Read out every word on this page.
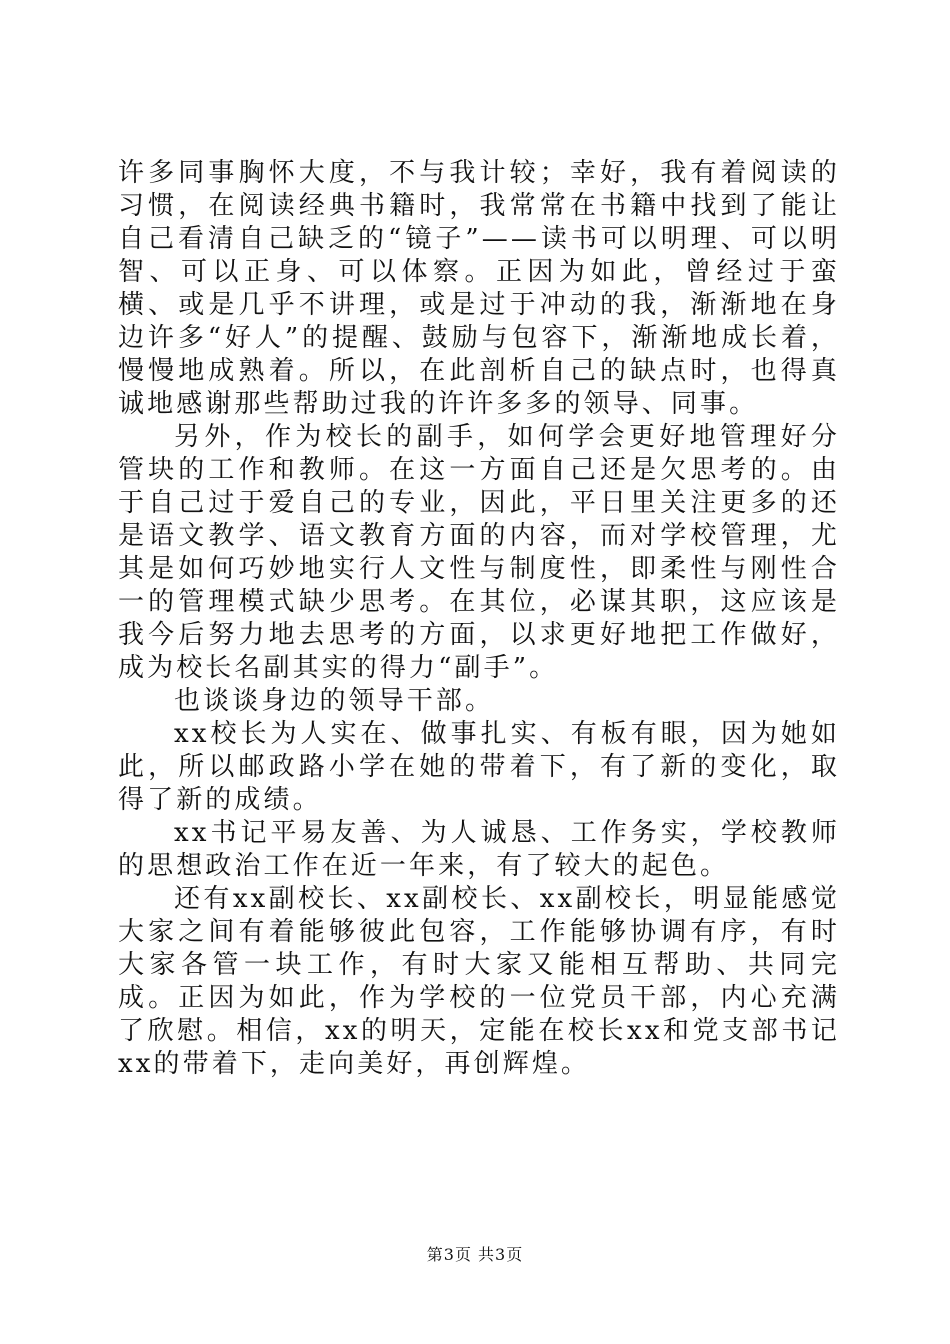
许多同事胸怀大度，不与我计较；幸好，我有着阅读的习惯，在阅读经典书籍时，我常常在书籍中找到了能让自己看清自己缺乏的“镜子”——读书可以明理、可以明智、可以正身、可以体察。正因为如此，曾经过于蛮横、或是几乎不讲理，或是过于冲动的我，渐渐地在身边许多“好人”的提醒、鼓励与包容下，渐渐地成长着，慢慢地成熟着。所以，在此剖析自己的缺点时，也得真诚地感谢那些帮助过我的许许多多的领导、同事。

另外，作为校长的副手，如何学会更好地管理好分管块的工作和教师。在这一方面自己还是欠思考的。由于自己过于爱自己的专业，因此，平日里关注更多的还是语文教学、语文教育方面的内容，而对学校管理，尤其是如何巧妙地实行人文性与制度性，即柔性与刚性合一的管理模式缺少思考。在其位，必谋其职，这应该是我今后努力地去思考的方面，以求更好地把工作做好，成为校长名副其实的得力“副手”。

也谈谈身边的领导干部。

xx校长为人实在、做事扎实、有板有眼，因为她如此，所以邮政路小学在她的带着下，有了新的变化，取得了新的成绩。

xx书记平易友善、为人诚恳、工作务实，学校教师的思想政治工作在近一年来，有了较大的起色。

还有xx副校长、xx副校长、xx副校长，明显能感觉大家之间有着能够彼此包容，工作能够协调有序，有时大家各管一块工作，有时大家又能相互帮助、共同完成。正因为如此，作为学校的一位党员干部，内心充满了欣慰。相信，xx的明天，定能在校长xx和党支部书记xx的带着下，走向美好，再创辉煌。

第3页 共3页
